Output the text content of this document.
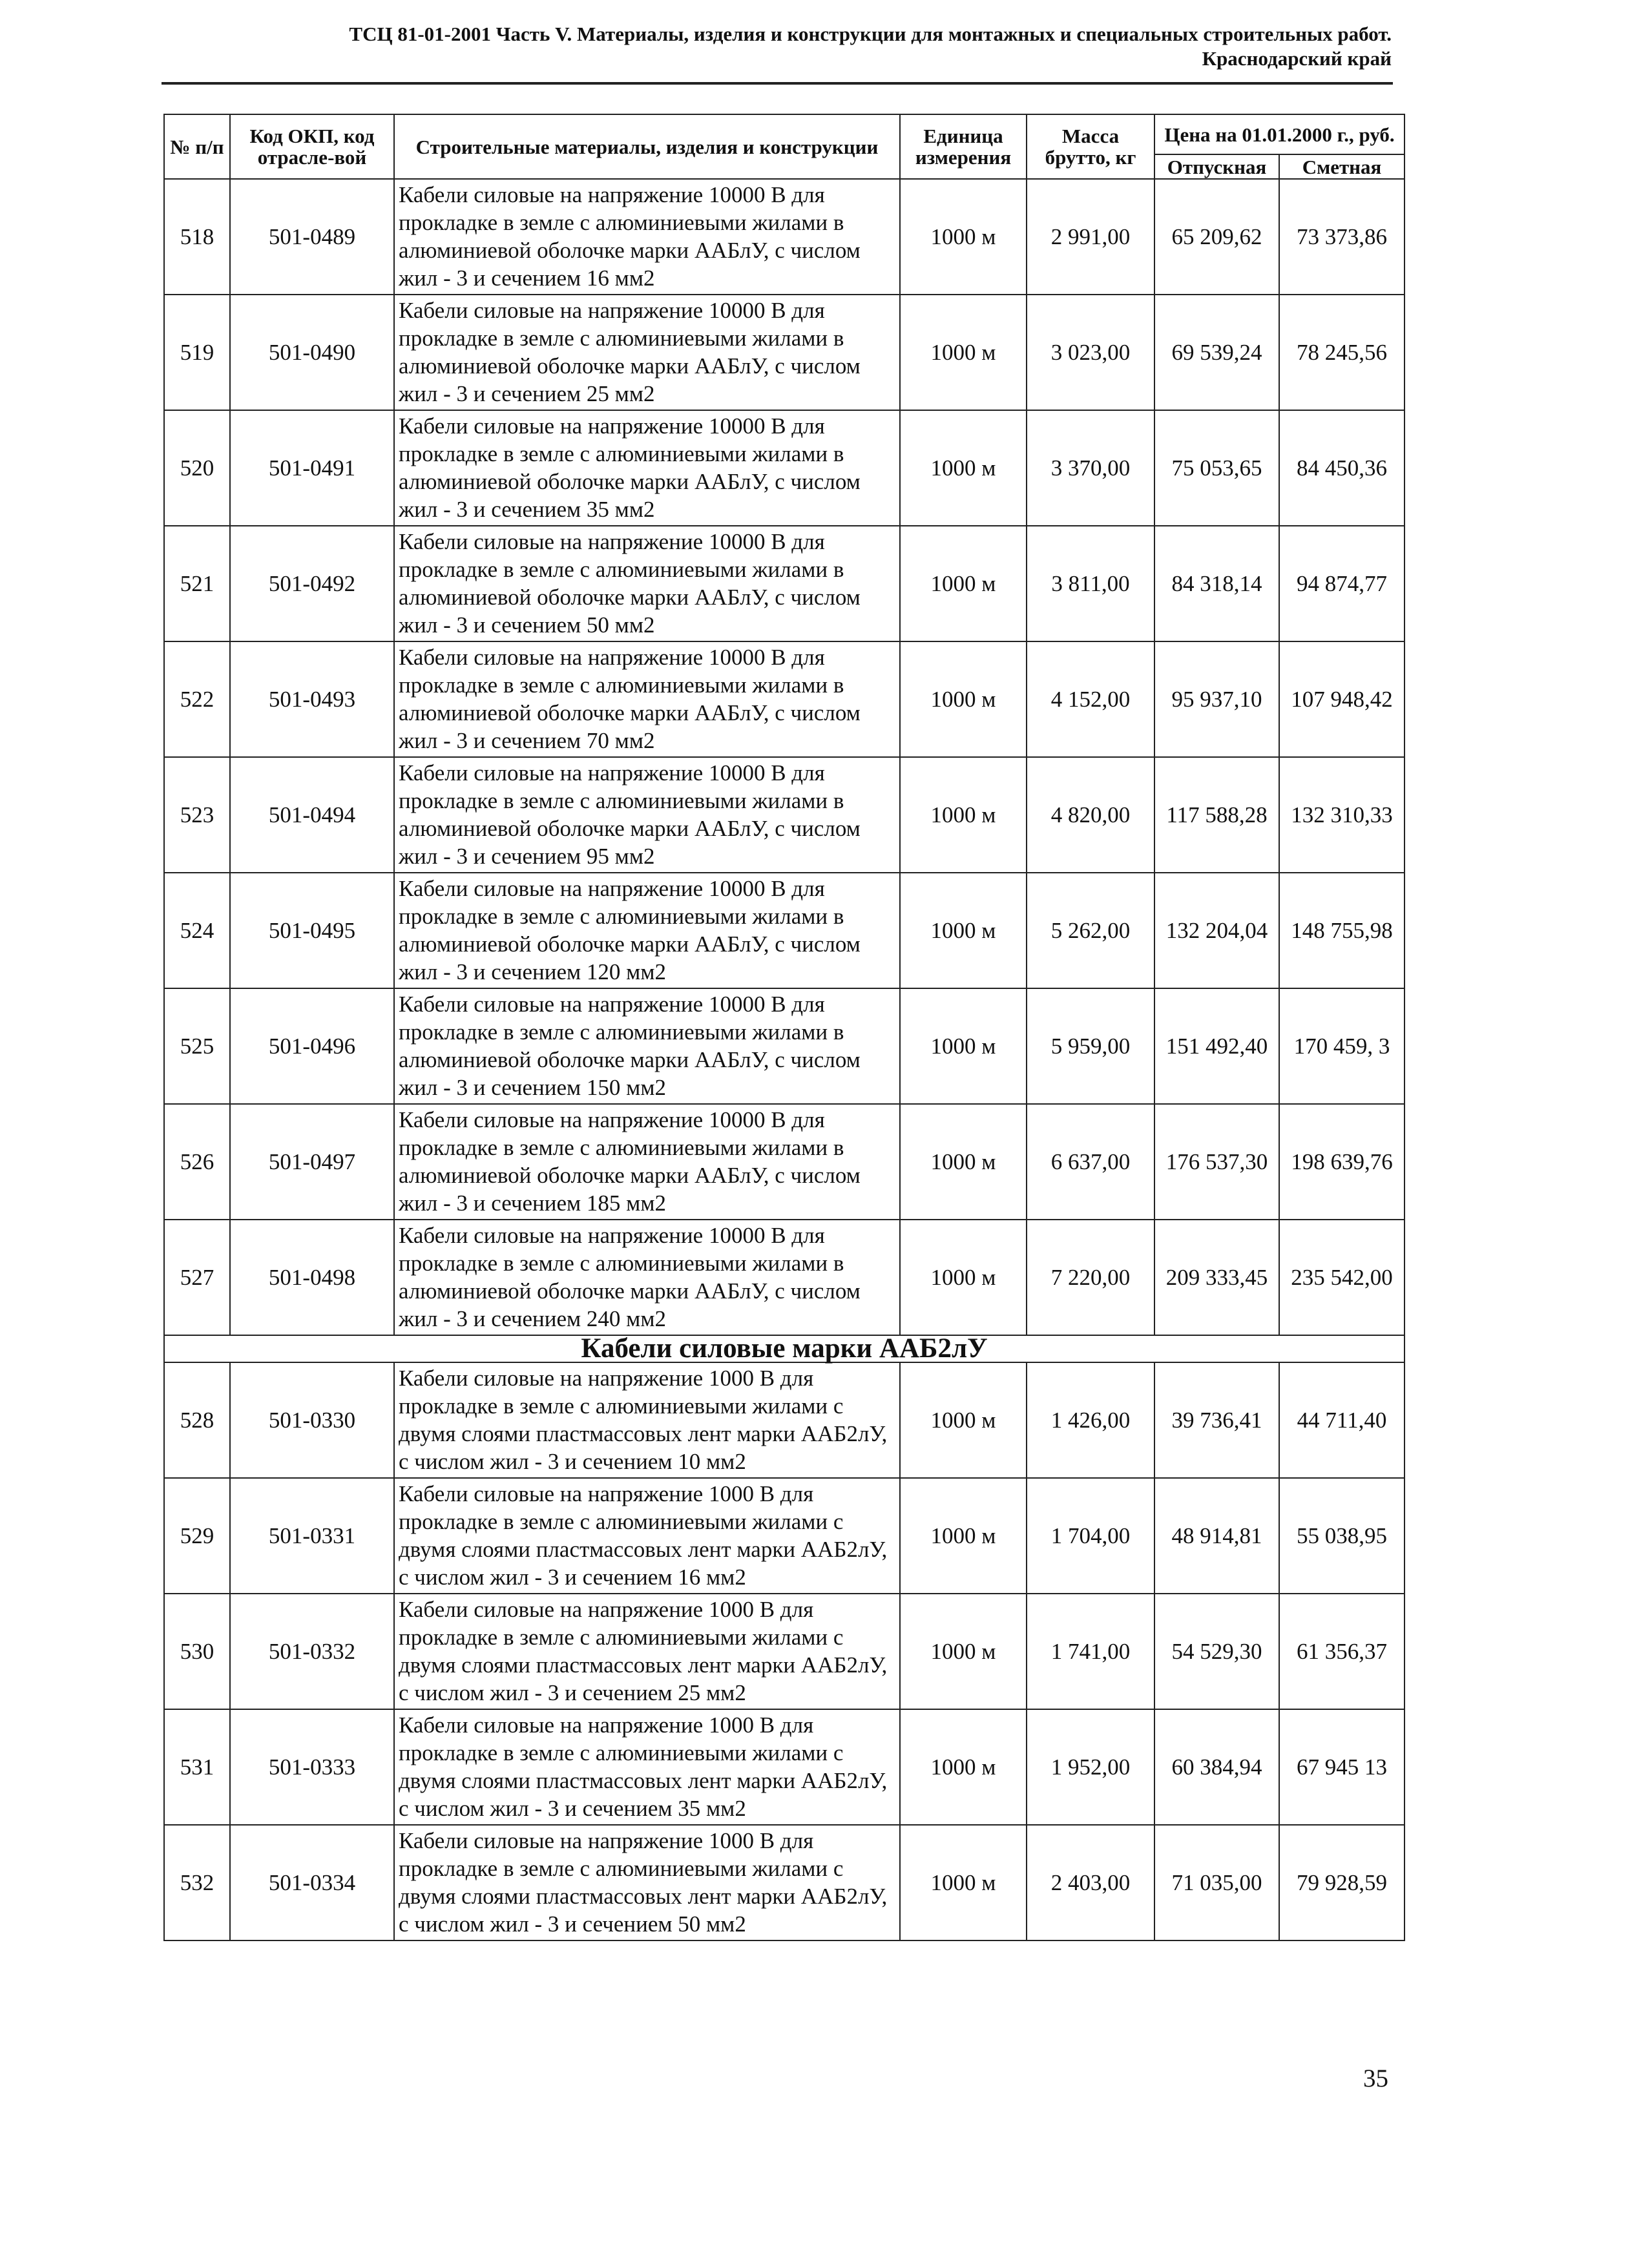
ТСЦ 81-01-2001 Часть V. Материалы, изделия и конструкции для монтажных и специальных строительных работ.
Краснодарский край
№ п/п	Код ОКП, код отрасле-вой	Строительные материалы, изделия и конструкции	Единица измерения	Масса брутто, кг	Цена на 01.01.2000 г., руб.	
					Отпускная	Сметная
518	501-0489	Кабели силовые на напряжение 10000 В для прокладке в земле с алюминиевыми жилами в алюминиевой оболочке марки ААБлУ, с числом жил - 3 и сечением 16 мм2	1000 м	2 991,00	65 209,62	73 373,86
519	501-0490	Кабели силовые на напряжение 10000 В для прокладке в земле с алюминиевыми жилами в алюминиевой оболочке марки ААБлУ, с числом жил - 3 и сечением 25 мм2	1000 м	3 023,00	69 539,24	78 245,56
520	501-0491	Кабели силовые на напряжение 10000 В для прокладке в земле с алюминиевыми жилами в алюминиевой оболочке марки ААБлУ, с числом жил - 3 и сечением 35 мм2	1000 м	3 370,00	75 053,65	84 450,36
521	501-0492	Кабели силовые на напряжение 10000 В для прокладке в земле с алюминиевыми жилами в алюминиевой оболочке марки ААБлУ, с числом жил - 3 и сечением 50 мм2	1000 м	3 811,00	84 318,14	94 874,77
522	501-0493	Кабели силовые на напряжение 10000 В для прокладке в земле с алюминиевыми жилами в алюминиевой оболочке марки ААБлУ, с числом жил - 3 и сечением 70 мм2	1000 м	4 152,00	95 937,10	107 948,42
523	501-0494	Кабели силовые на напряжение 10000 В для прокладке в земле с алюминиевыми жилами в алюминиевой оболочке марки ААБлУ, с числом жил - 3 и сечением 95 мм2	1000 м	4 820,00	117 588,28	132 310,33
524	501-0495	Кабели силовые на напряжение 10000 В для прокладке в земле с алюминиевыми жилами в алюминиевой оболочке марки ААБлУ, с числом жил - 3 и сечением 120 мм2	1000 м	5 262,00	132 204,04	148 755,98
525	501-0496	Кабели силовые на напряжение 10000 В для прокладке в земле с алюминиевыми жилами в алюминиевой оболочке марки ААБлУ, с числом жил - 3 и сечением 150 мм2	1000 м	5 959,00	151 492,40	170 459, 3
526	501-0497	Кабели силовые на напряжение 10000 В для прокладке в земле с алюминиевыми жилами в алюминиевой оболочке марки ААБлУ, с числом жил - 3 и сечением 185 мм2	1000 м	6 637,00	176 537,30	198 639,76
527	501-0498	Кабели силовые на напряжение 10000 В для прокладке в земле с алюминиевыми жилами в алюминиевой оболочке марки ААБлУ, с числом жил - 3 и сечением 240 мм2	1000 м	7 220,00	209 333,45	235 542,00
Кабели силовые марки ААБ2лУ						
528	501-0330	Кабели силовые на напряжение 1000 В для прокладке в земле с алюминиевыми жилами с двумя слоями пластмассовых лент марки ААБ2лУ, с числом жил - 3 и сечением 10 мм2	1000 м	1 426,00	39 736,41	44 711,40
529	501-0331	Кабели силовые на напряжение 1000 В для прокладке в земле с алюминиевыми жилами с двумя слоями пластмассовых лент марки ААБ2лУ, с числом жил - 3 и сечением 16 мм2	1000 м	1 704,00	48 914,81	55 038,95
530	501-0332	Кабели силовые на напряжение 1000 В для прокладке в земле с алюминиевыми жилами с двумя слоями пластмассовых лент марки ААБ2лУ, с числом жил - 3 и сечением 25 мм2	1000 м	1 741,00	54 529,30	61 356,37
531	501-0333	Кабели силовые на напряжение 1000 В для прокладке в земле с алюминиевыми жилами с двумя слоями пластмассовых лент марки ААБ2лУ, с числом жил - 3 и сечением 35 мм2	1000 м	1 952,00	60 384,94	67 945 13
532	501-0334	Кабели силовые на напряжение 1000 В для прокладке в земле с алюминиевыми жилами с двумя слоями пластмассовых лент марки ААБ2лУ, с числом жил - 3 и сечением 50 мм2	1000 м	2 403,00	71 035,00	79 928,59
35
